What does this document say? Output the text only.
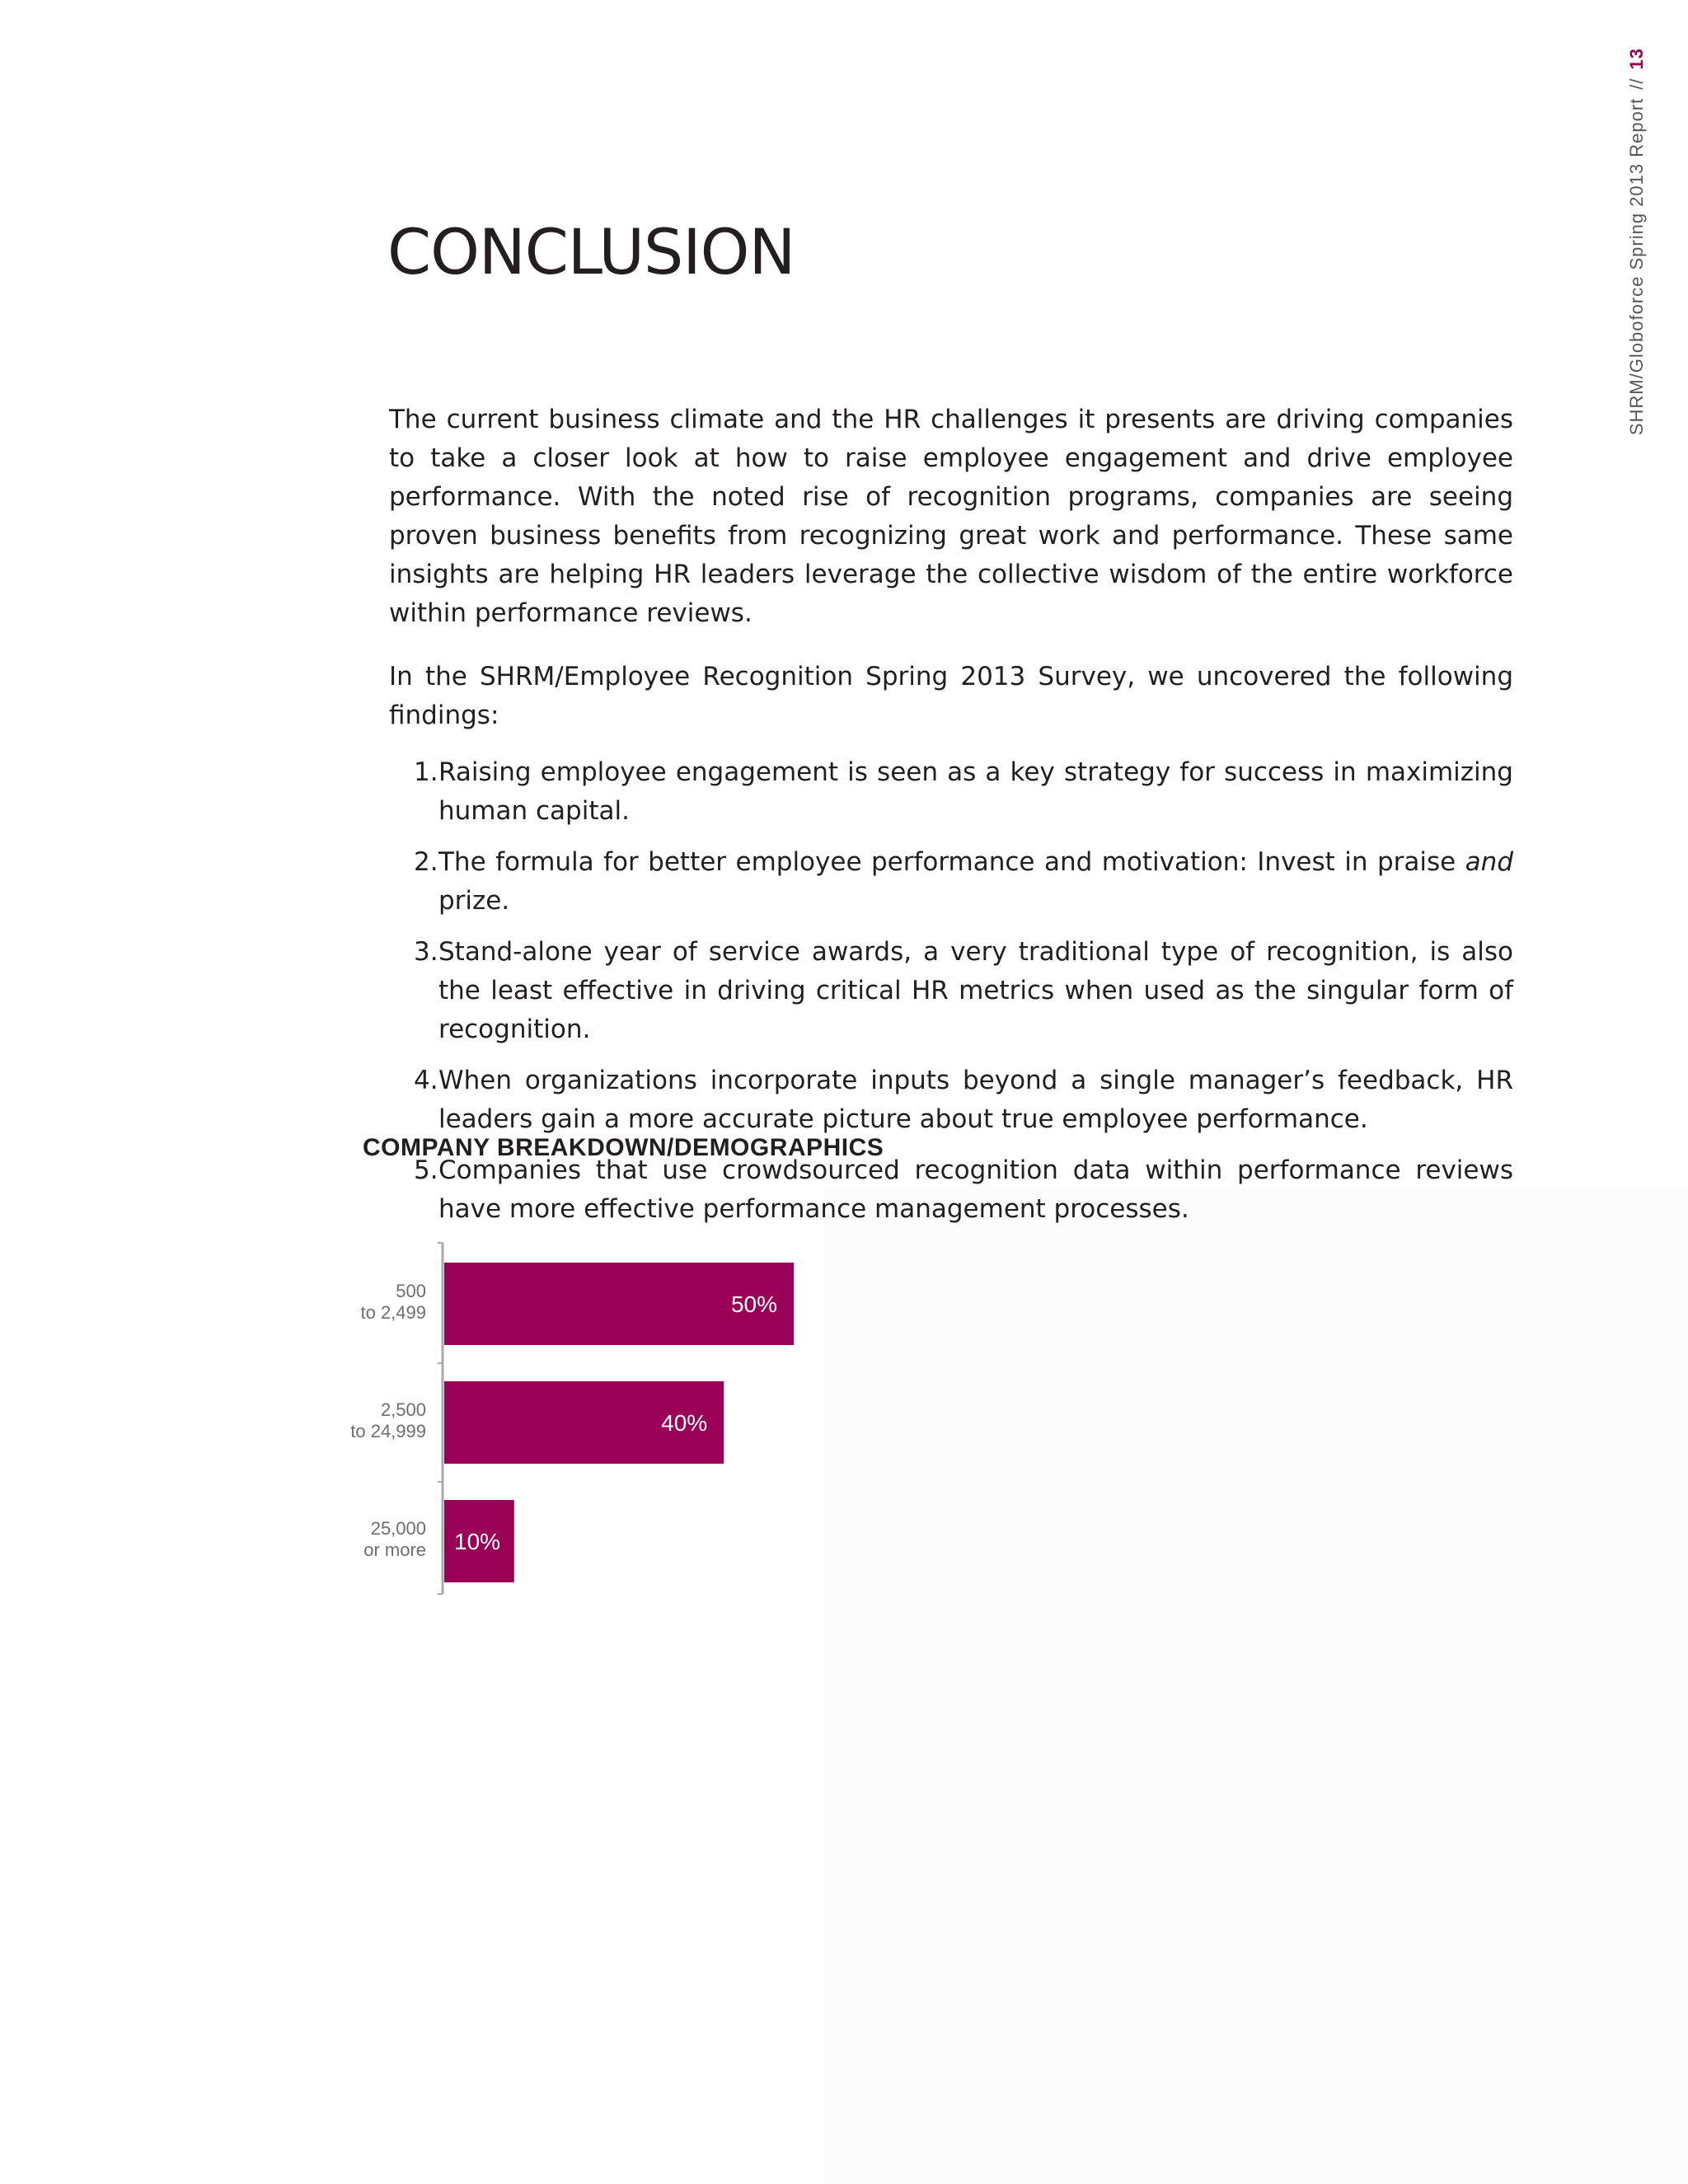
SHRM/Globoforce Spring 2013 Report//13
CONCLUSION

The current business climate and the HR challenges it presents are driving companies to take a closer look at how to raise employee engagement and drive employee performance. With the noted rise of recognition programs, companies are seeing proven business benefits from recognizing great work and performance. These same insights are helping HR leaders leverage the collective wisdom of the entire workforce within performance reviews.

In the SHRM/Employee Recognition Spring 2013 Survey, we uncovered the following findings:

1. Raising employee engagement is seen as a key strategy for success in maximizing human capital.
2. The formula for better employee performance and motivation: Invest in praise and prize.
3. Stand-alone year of service awards, a very traditional type of recognition, is also the least effective in driving critical HR metrics when used as the singular form of recognition.
4. When organizations incorporate inputs beyond a single manager’s feedback, HR leaders gain a more accurate picture about true employee performance.
5. Companies that use crowdsourced recognition data within performance reviews have more effective performance management processes.
COMPANY BREAKDOWN/DEMOGRAPHICS
50%
500
to 2,499
40%
2,500
to 24,999
10%
25,000
or more
